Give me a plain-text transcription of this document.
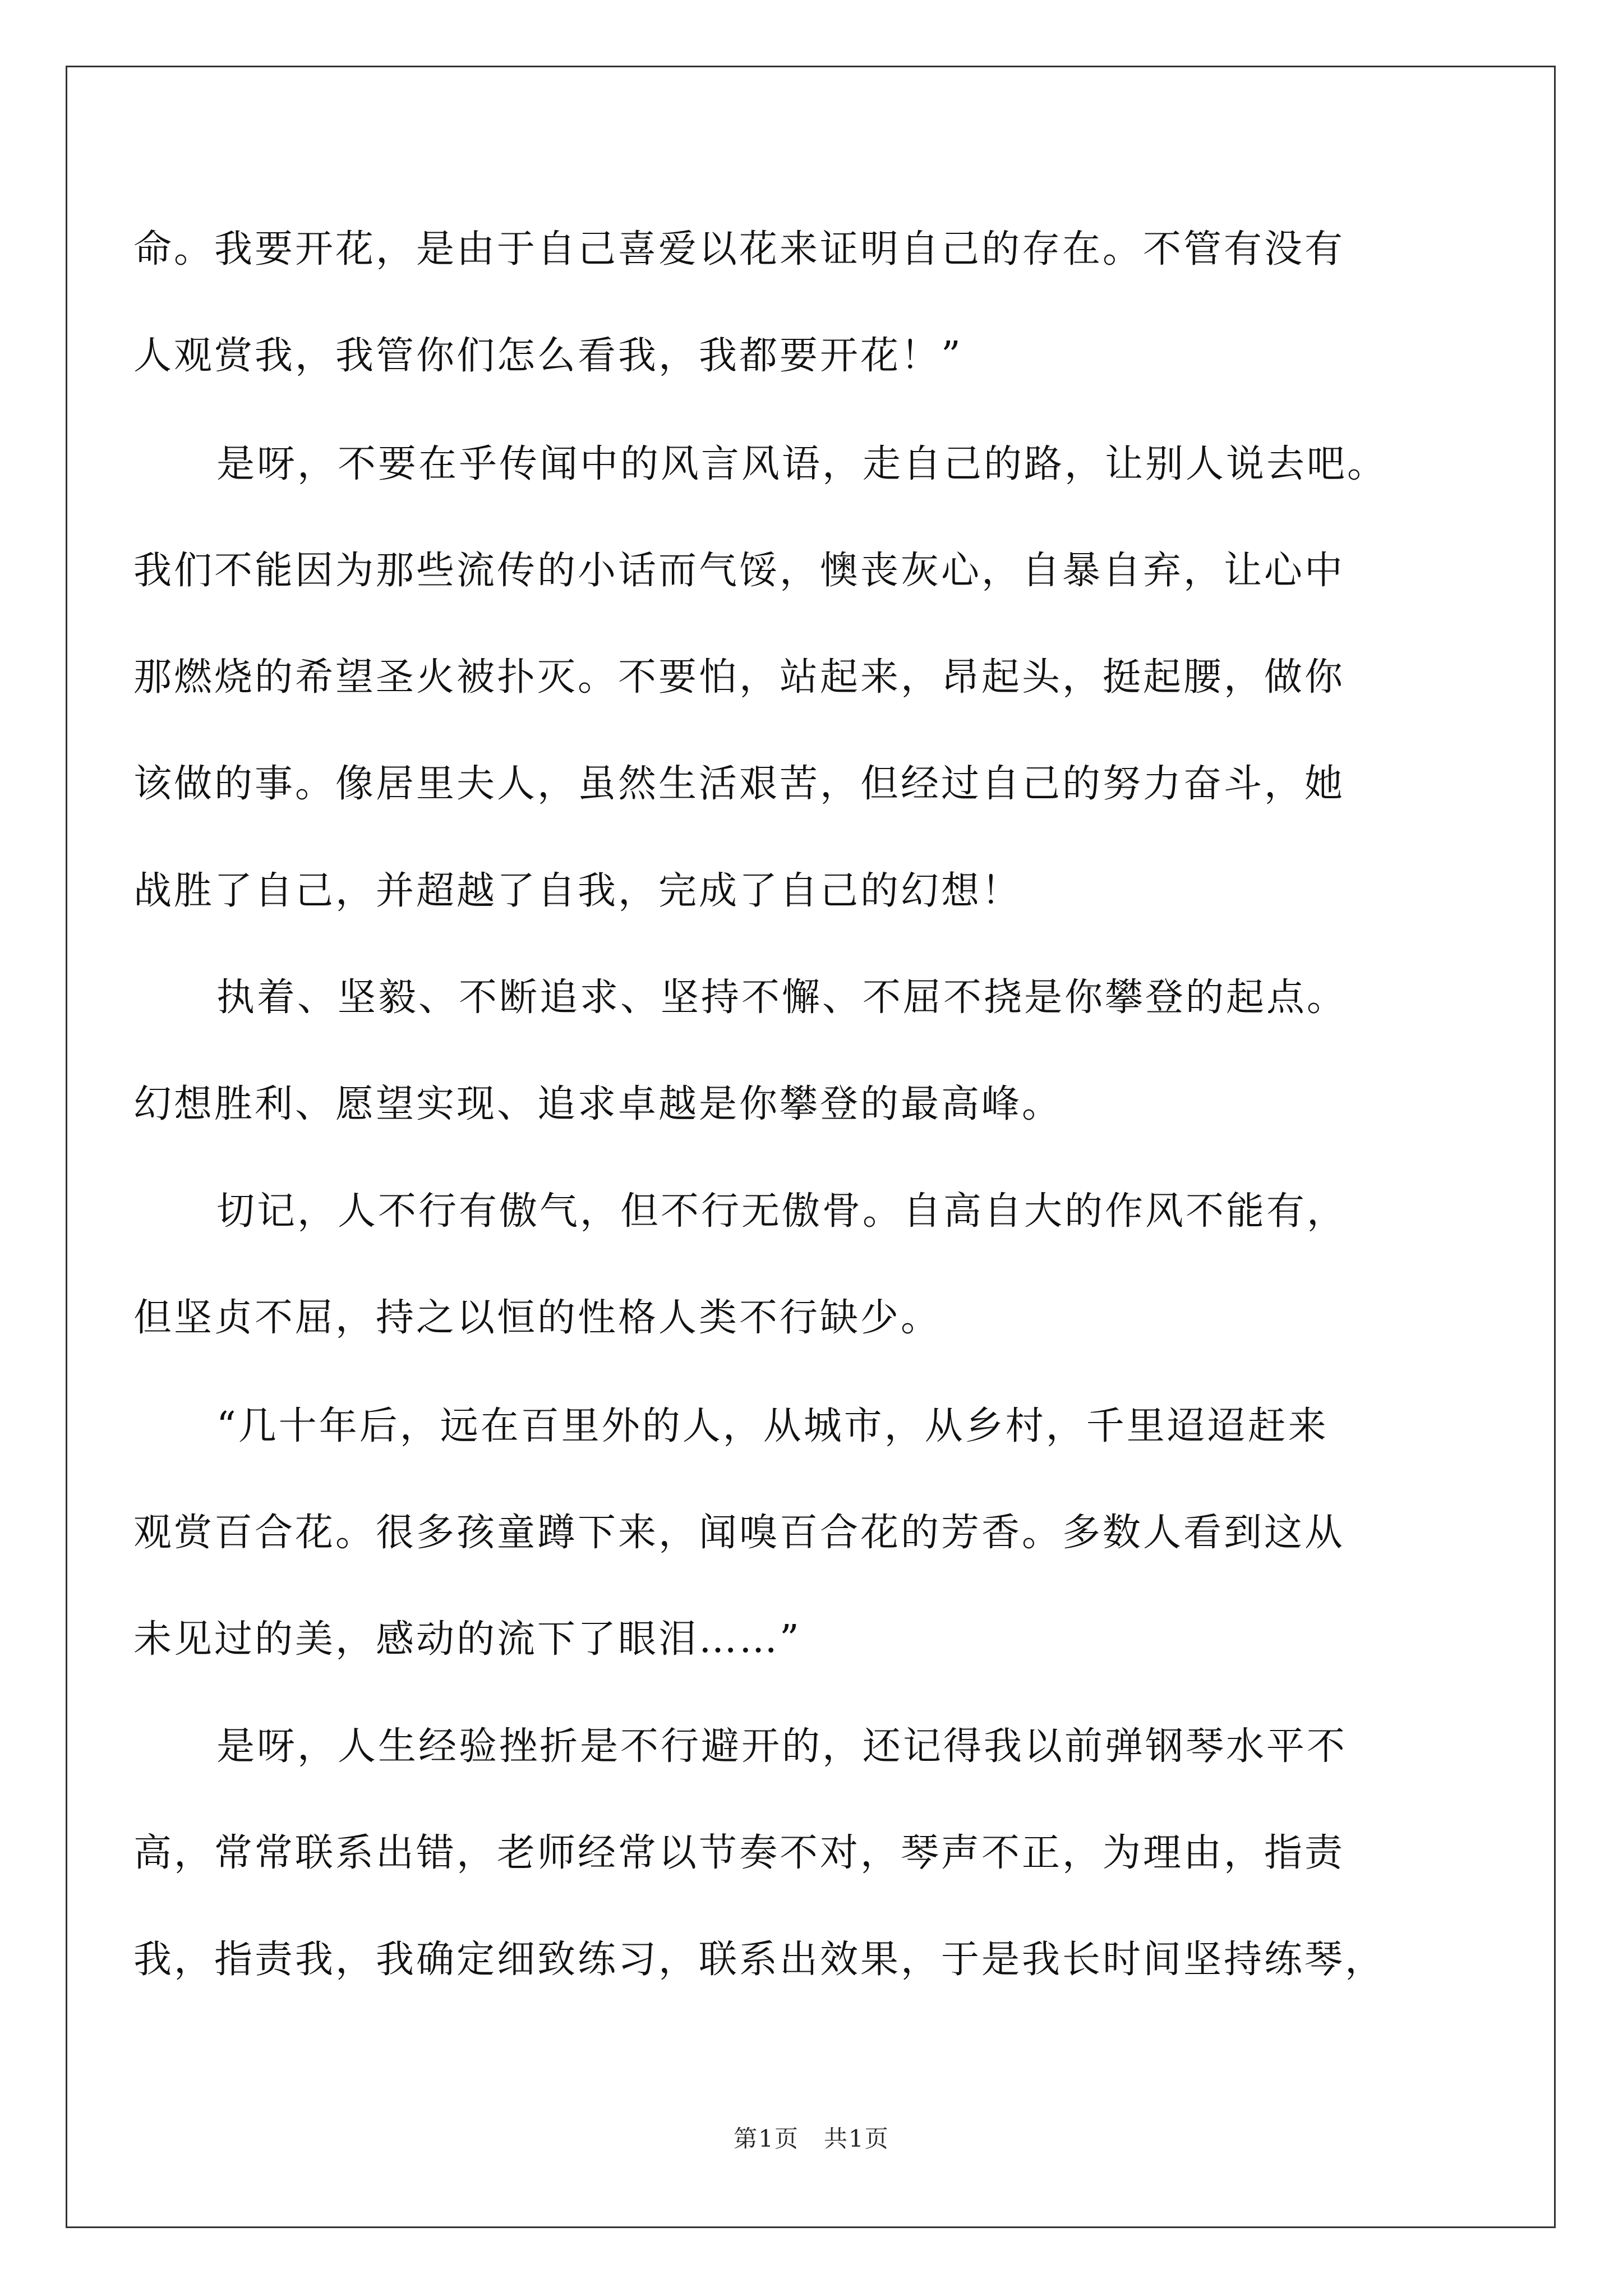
命。我要开花，是由于自己喜爱以花来证明自己的存在。不管有没有
人观赏我，我管你们怎么看我，我都要开花！”
是呀，不要在乎传闻中的风言风语，走自己的路，让别人说去吧。
我们不能因为那些流传的小话而气馁，懊丧灰心，自暴自弃，让心中
那燃烧的希望圣火被扑灭。不要怕，站起来，昂起头，挺起腰，做你
该做的事。像居里夫人，虽然生活艰苦，但经过自己的努力奋斗，她
战胜了自己，并超越了自我，完成了自己的幻想！
执着、坚毅、不断追求、坚持不懈、不屈不挠是你攀登的起点。
幻想胜利、愿望实现、追求卓越是你攀登的最高峰。
切记，人不行有傲气，但不行无傲骨。自高自大的作风不能有，
但坚贞不屈，持之以恒的性格人类不行缺少。
“几十年后，远在百里外的人，从城市，从乡村，千里迢迢赶来
观赏百合花。很多孩童蹲下来，闻嗅百合花的芳香。多数人看到这从
未见过的美，感动的流下了眼泪……”
是呀，人生经验挫折是不行避开的，还记得我以前弹钢琴水平不
高，常常联系出错，老师经常以节奏不对，琴声不正，为理由，指责
我，指责我，我确定细致练习，联系出效果，于是我长时间坚持练琴，
第1页　共1页
